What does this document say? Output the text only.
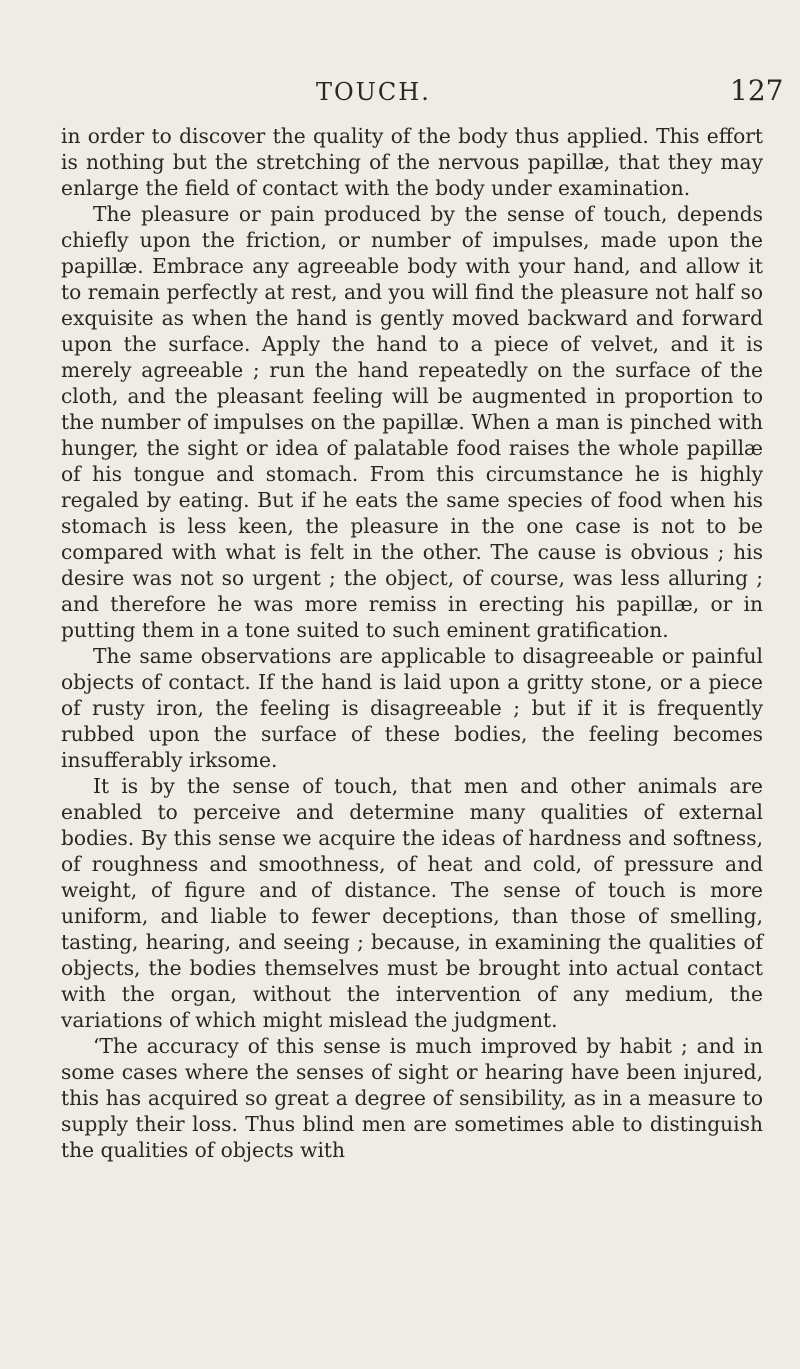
TOUCH.	127

in order to discover the quality of the body thus applied. This effort is nothing but the stretching of the nervous papillæ, that they may enlarge the field of contact with the body under examination.

The pleasure or pain produced by the sense of touch, depends chiefly upon the friction, or number of impulses, made upon the papillæ. Embrace any agreeable body with your hand, and allow it to remain perfectly at rest, and you will find the pleasure not half so exquisite as when the hand is gently moved backward and forward upon the surface. Apply the hand to a piece of velvet, and it is merely agreeable ; run the hand repeatedly on the surface of the cloth, and the pleasant feeling will be augmented in proportion to the number of impulses on the papillæ. When a man is pinched with hunger, the sight or idea of palatable food raises the whole papillæ of his tongue and stomach. From this circumstance he is highly regaled by eating. But if he eats the same species of food when his stomach is less keen, the pleasure in the one case is not to be compared with what is felt in the other. The cause is obvious ; his desire was not so urgent ; the object, of course, was less alluring ; and therefore he was more remiss in erecting his papillæ, or in putting them in a tone suited to such eminent gratification.

The same observations are applicable to disagreeable or painful objects of contact. If the hand is laid upon a gritty stone, or a piece of rusty iron, the feeling is disagreeable ; but if it is frequently rubbed upon the surface of these bodies, the feeling becomes insufferably irksome.

It is by the sense of touch, that men and other animals are enabled to perceive and determine many qualities of external bodies. By this sense we acquire the ideas of hardness and softness, of roughness and smoothness, of heat and cold, of pressure and weight, of figure and of distance. The sense of touch is more uniform, and liable to fewer deceptions, than those of smelling, tasting, hearing, and seeing ; because, in examining the qualities of objects, the bodies themselves must be brought into actual contact with the organ, without the intervention of any medium, the variations of which might mislead the judgment.

‘The accuracy of this sense is much improved by habit ; and in some cases where the senses of sight or hearing have been injured, this has acquired so great a degree of sensibility, as in a measure to supply their loss. Thus blind men are sometimes able to distinguish the qualities of objects with
